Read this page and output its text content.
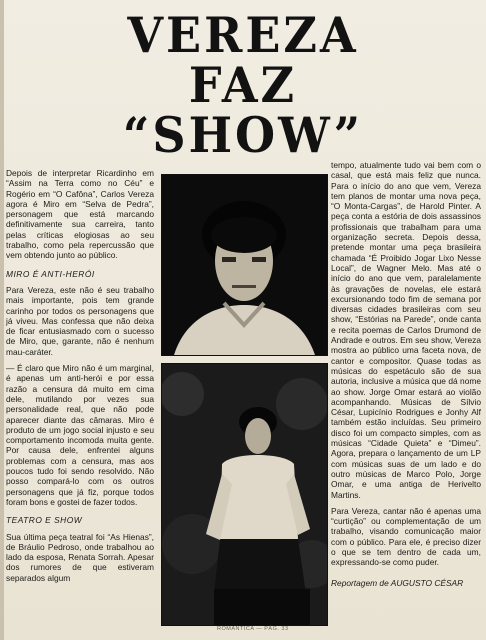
VEREZA
FAZ
“SHOW”

Depois de interpretar Ricardinho em “Assim na Terra como no Céu” e Rogério em “O Cafôna”, Carlos Vereza agora é Miro em “Selva de Pedra”, personagem que está marcando definitivamente sua carreira, tanto pelas críticas elogiosas ao seu trabalho, como pela repercussão que vem obtendo junto ao público.

MIRO É ANTI-HERÓI

Para Vereza, este não é seu trabalho mais importante, pois tem grande carinho por todos os personagens que já viveu. Mas confessa que não deixa de ficar entusiasmado com o sucesso de Miro, que, garante, não é nenhum mau-caráter.

— É claro que Miro não é um marginal, é apenas um anti-herói e por essa razão a censura dá muito em cima dele, mutilando por vezes sua personalidade real, que não pode aparecer diante das câmaras. Miro é produto de um jogo social injusto e seu comportamento incomoda muita gente. Por causa dele, enfrentei alguns problemas com a censura, mas aos poucos tudo foi sendo resolvido. Não posso compará-lo com os outros personagens que já fiz, porque todos foram bons e gostei de fazer todos.

TEATRO E SHOW

Sua última peça teatral foi “As Hienas”, de Bráulio Pedroso, onde trabalhou ao lado da esposa, Renata Sorrah. Apesar dos rumores de que estiveram separados algum

tempo, atualmente tudo vai bem com o casal, que está mais feliz que nunca. Para o início do ano que vem, Vereza tem planos de montar uma nova peça, “O Monta-Cargas”, de Harold Pinter. A peça conta a estória de dois assassinos profissionais que trabalham para uma organização secreta. Depois dessa, pretende montar uma peça brasileira chamada “É Proibido Jogar Lixo Nesse Local”, de Wagner Melo. Mas até o início do ano que vem, paralelamente às gravações de novelas, ele estará excursionando todo fim de semana por diversas cidades brasileiras com seu show, “Estórias na Parede”, onde canta e recita poemas de Carlos Drumond de Andrade e outros. Em seu show, Vereza mostra ao público uma faceta nova, de cantor e compositor. Quase todas as músicas do espetáculo são de sua autoria, inclusive a música que dá nome ao show. Jorge Omar estará ao violão acompanhando. Músicas de Sílvio César, Lupicínio Rodrigues e Jonhy Alf também estão incluídas. Seu primeiro disco foi um compacto simples, com as músicas “Cidade Quieta” e “Dimeu”. Agora, prepara o lançamento de um LP com músicas suas de um lado e do outro músicas de Marco Polo, Jorge Omar, e uma antiga de Herivelto Martins.

Para Vereza, cantar não é apenas uma “curtição” ou complementação de um trabalho, visando comunicação maior com o público. Para ele, é preciso dizer o que se tem dentro de cada um, expressando-se como puder.

Reportagem de AUGUSTO CÉSAR

ROMANTICA — PÁG. 33
